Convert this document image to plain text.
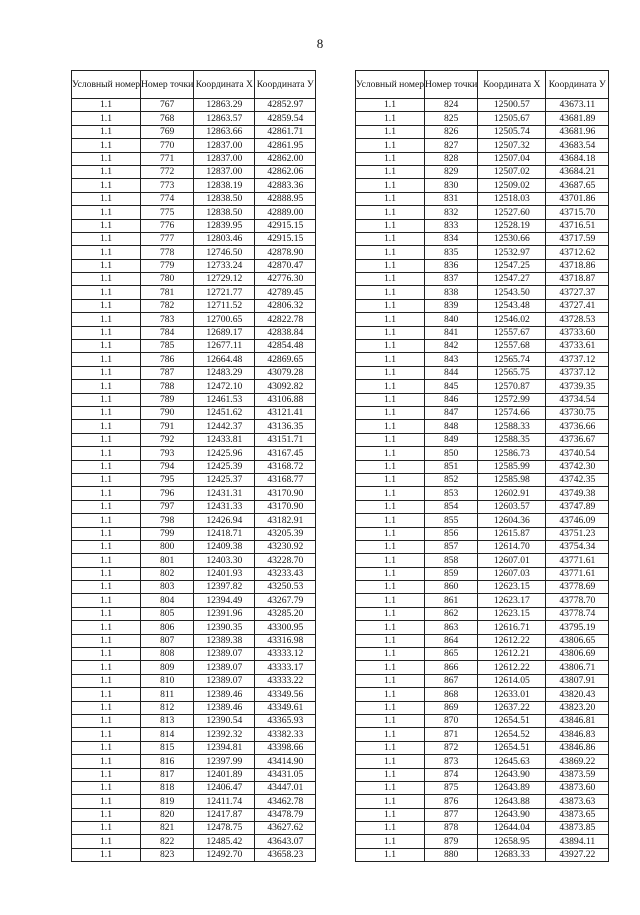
8
Условный номер	Номер точки	Координата Х	Координата У
1.1	767	12863.29	42852.97
1.1	768	12863.57	42859.54
1.1	769	12863.66	42861.71
1.1	770	12837.00	42861.95
1.1	771	12837.00	42862.00
1.1	772	12837.00	42862.06
1.1	773	12838.19	42883.36
1.1	774	12838.50	42888.95
1.1	775	12838.50	42889.00
1.1	776	12839.95	42915.15
1.1	777	12803.46	42915.15
1.1	778	12746.50	42878.90
1.1	779	12733.24	42870.47
1.1	780	12729.12	42776.30
1.1	781	12721.77	42789.45
1.1	782	12711.52	42806.32
1.1	783	12700.65	42822.78
1.1	784	12689.17	42838.84
1.1	785	12677.11	42854.48
1.1	786	12664.48	42869.65
1.1	787	12483.29	43079.28
1.1	788	12472.10	43092.82
1.1	789	12461.53	43106.88
1.1	790	12451.62	43121.41
1.1	791	12442.37	43136.35
1.1	792	12433.81	43151.71
1.1	793	12425.96	43167.45
1.1	794	12425.39	43168.72
1.1	795	12425.37	43168.77
1.1	796	12431.31	43170.90
1.1	797	12431.33	43170.90
1.1	798	12426.94	43182.91
1.1	799	12418.71	43205.39
1.1	800	12409.38	43230.92
1.1	801	12403.30	43228.70
1.1	802	12401.93	43233.43
1.1	803	12397.82	43250.53
1.1	804	12394.49	43267.79
1.1	805	12391.96	43285.20
1.1	806	12390.35	43300.95
1.1	807	12389.38	43316.98
1.1	808	12389.07	43333.12
1.1	809	12389.07	43333.17
1.1	810	12389.07	43333.22
1.1	811	12389.46	43349.56
1.1	812	12389.46	43349.61
1.1	813	12390.54	43365.93
1.1	814	12392.32	43382.33
1.1	815	12394.81	43398.66
1.1	816	12397.99	43414.90
1.1	817	12401.89	43431.05
1.1	818	12406.47	43447.01
1.1	819	12411.74	43462.78
1.1	820	12417.87	43478.79
1.1	821	12478.75	43627.62
1.1	822	12485.42	43643.07
1.1	823	12492.70	43658.23
Условный номер	Номер точки	Координата Х	Координата У
1.1	824	12500.57	43673.11
1.1	825	12505.67	43681.89
1.1	826	12505.74	43681.96
1.1	827	12507.32	43683.54
1.1	828	12507.04	43684.18
1.1	829	12507.02	43684.21
1.1	830	12509.02	43687.65
1.1	831	12518.03	43701.86
1.1	832	12527.60	43715.70
1.1	833	12528.19	43716.51
1.1	834	12530.66	43717.59
1.1	835	12532.97	43712.62
1.1	836	12547.25	43718.86
1.1	837	12547.27	43718.87
1.1	838	12543.50	43727.37
1.1	839	12543.48	43727.41
1.1	840	12546.02	43728.53
1.1	841	12557.67	43733.60
1.1	842	12557.68	43733.61
1.1	843	12565.74	43737.12
1.1	844	12565.75	43737.12
1.1	845	12570.87	43739.35
1.1	846	12572.99	43734.54
1.1	847	12574.66	43730.75
1.1	848	12588.33	43736.66
1.1	849	12588.35	43736.67
1.1	850	12586.73	43740.54
1.1	851	12585.99	43742.30
1.1	852	12585.98	43742.35
1.1	853	12602.91	43749.38
1.1	854	12603.57	43747.89
1.1	855	12604.36	43746.09
1.1	856	12615.87	43751.23
1.1	857	12614.70	43754.34
1.1	858	12607.01	43771.61
1.1	859	12607.03	43771.61
1.1	860	12623.15	43778.69
1.1	861	12623.17	43778.70
1.1	862	12623.15	43778.74
1.1	863	12616.71	43795.19
1.1	864	12612.22	43806.65
1.1	865	12612.21	43806.69
1.1	866	12612.22	43806.71
1.1	867	12614.05	43807.91
1.1	868	12633.01	43820.43
1.1	869	12637.22	43823.20
1.1	870	12654.51	43846.81
1.1	871	12654.52	43846.83
1.1	872	12654.51	43846.86
1.1	873	12645.63	43869.22
1.1	874	12643.90	43873.59
1.1	875	12643.89	43873.60
1.1	876	12643.88	43873.63
1.1	877	12643.90	43873.65
1.1	878	12644.04	43873.85
1.1	879	12658.95	43894.11
1.1	880	12683.33	43927.22
